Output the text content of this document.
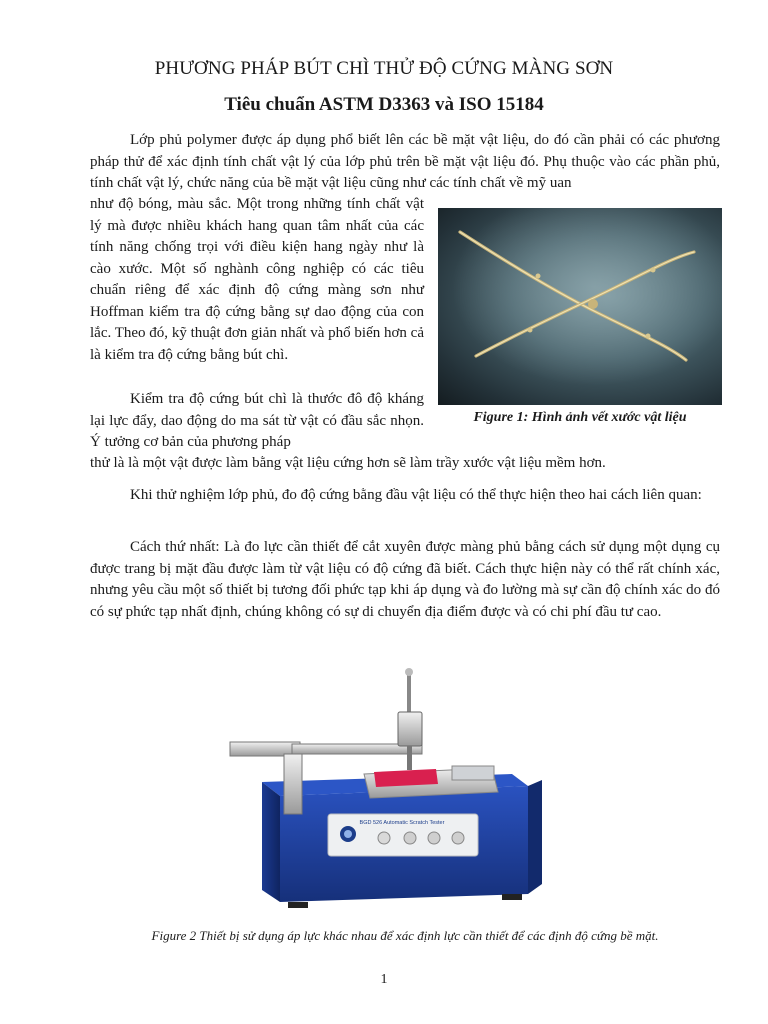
PHƯƠNG PHÁP BÚT CHÌ THỬ ĐỘ CỨNG MÀNG SƠN
Tiêu chuẩn ASTM D3363 và ISO 15184

Lớp phủ polymer được áp dụng phổ biết lên các bề mặt vật liệu, do đó cần phải có các phương pháp thử để xác định tính chất vật lý của lớp phủ trên bề mặt vật liệu đó. Phụ thuộc vào các phần phủ, tính chất vật lý, chức năng của bề mặt vật liệu cũng như các tính chất về mỹ uan

như độ bóng, màu sắc. Một trong những tính chất vật lý mà được nhiều khách hang quan tâm nhất của các tính năng chống trọi với điều kiện hang ngày như là cào xước. Một số nghành công nghiệp có các tiêu chuẩn riêng để xác định độ cứng màng sơn như Hoffman kiểm tra độ cứng bằng sự dao động của con lắc. Theo đó, kỹ thuật đơn giản nhất và phổ biến hơn cả là kiểm tra độ cứng bằng bút chì.

Kiểm tra độ cứng bút chì là thước đô độ kháng lại lực đẩy, dao động do ma sát từ vật có đầu sắc nhọn. Ý tưởng cơ bản của phương pháp

thử là là một vật được làm bằng vật liệu cứng hơn sẽ làm trầy xước vật liệu mềm hơn.

Khi thử nghiệm lớp phủ, đo độ cứng bằng đầu vật liệu có thể thực hiện theo hai cách liên quan:

Cách thứ nhất: Là đo lực cần thiết để cắt xuyên được màng phủ bằng cách sử dụng một dụng cụ được trang bị mặt đầu được làm từ vật liệu có độ cứng đã biết. Cách thực hiện này có thể rất chính xác, nhưng yêu cầu một số thiết bị tương đối phức tạp khi áp dụng và đo lường mà sự cần độ chính xác do đó có sự phức tạp nhất định, chúng không có sự di chuyển địa điểm được và có chi phí đầu tư cao.

Figure 1: Hình ảnh vết xước vật liệu
BGD 526 Automatic Scratch Tester
Figure 2 Thiết bị sử dụng áp lực khác nhau để xác định lực cần thiết để các định độ cứng bề mặt.
1
